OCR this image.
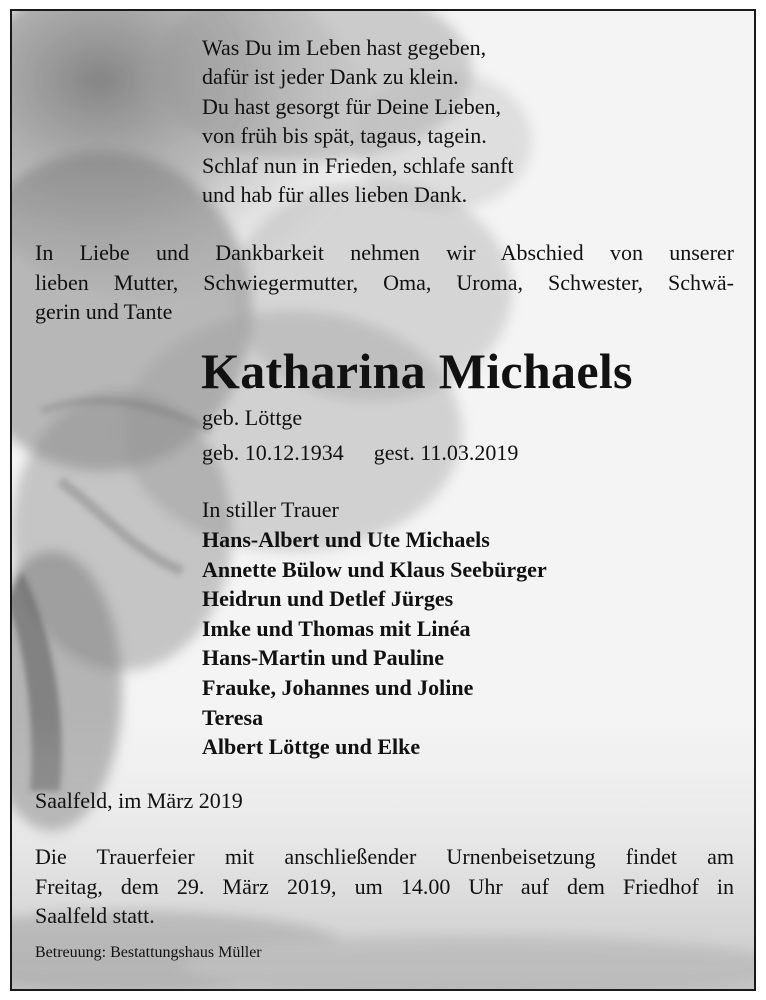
Was Du im Leben hast gegeben,
dafür ist jeder Dank zu klein.
Du hast gesorgt für Deine Lieben,
von früh bis spät, tagaus, tagein.
Schlaf nun in Frieden, schlafe sanft
und hab für alles lieben Dank.
In Liebe und Dankbarkeit nehmen wir Abschied von unserer
lieben Mutter, Schwiegermutter, Oma, Uroma, Schwester, Schwä-
gerin und Tante
Katharina Michaels
geb. Löttge
geb. 10.12.1934 gest. 11.03.2019
In stiller Trauer
Hans-Albert und Ute Michaels
Annette Bülow und Klaus Seebürger
Heidrun und Detlef Jürges
Imke und Thomas mit Linéa
Hans-Martin und Pauline
Frauke, Johannes und Joline
Teresa
Albert Löttge und Elke
Saalfeld, im März 2019
Die Trauerfeier mit anschließender Urnenbeisetzung findet am
Freitag, dem 29. März 2019, um 14.00 Uhr auf dem Friedhof in
Saalfeld statt.
Betreuung: Bestattungshaus Müller
